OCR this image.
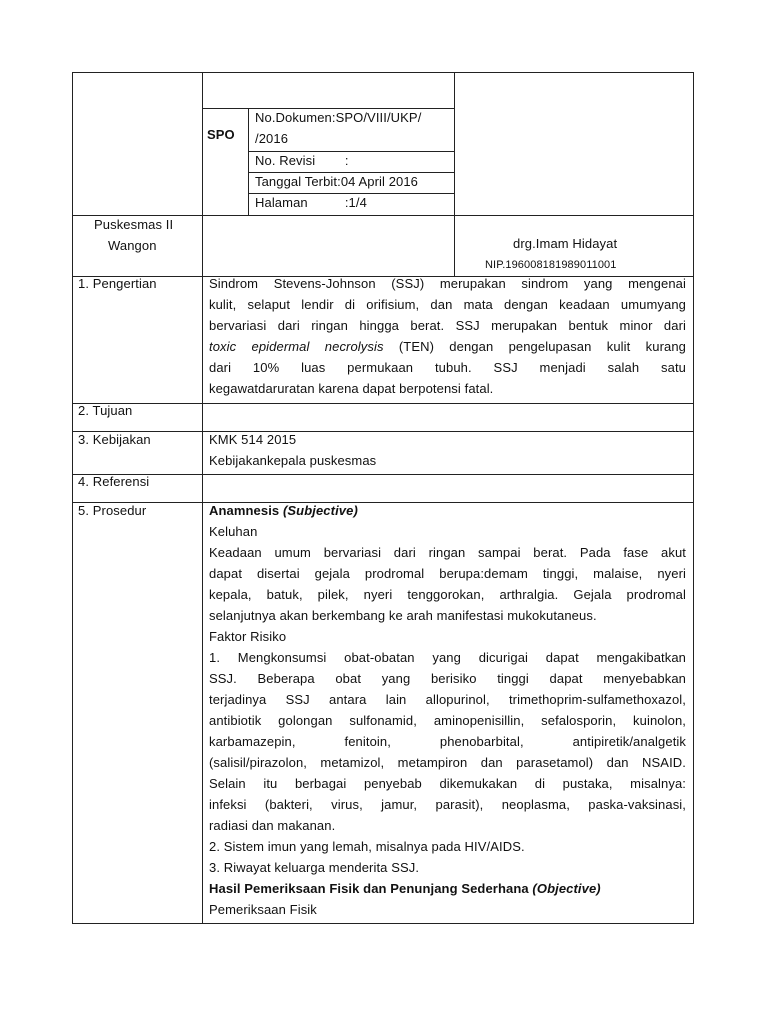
SPO
No.Dokumen:SPO/VIII/UKP/
/2016
No. Revisi        :
Tanggal Terbit:04 April 2016
Halaman          :1/4
Puskesmas II
Wangon	drg.Imam Hidayat
NIP.196008181989011001
1. Pengertian
2. Tujuan
3. Kebijakan
4. Referensi
5. Prosedur
Sindrom Stevens-Johnson (SSJ) merupakan sindrom yang mengenai
kulit, selaput lendir di orifisium, dan mata dengan keadaan umumyang
bervariasi dari ringan hingga berat. SSJ merupakan bentuk minor dari
toxic epidermal necrolysis (TEN) dengan pengelupasan kulit kurang
dari 10% luas permukaan tubuh. SSJ menjadi salah satu
kegawatdaruratan karena dapat berpotensi fatal.
KMK 514 2015
Kebijakankepala puskesmas
Anamnesis (Subjective)
Keluhan
Keadaan umum bervariasi dari ringan sampai berat. Pada fase akut
dapat disertai gejala prodromal berupa:demam tinggi, malaise, nyeri
kepala, batuk, pilek, nyeri tenggorokan, arthralgia. Gejala prodromal
selanjutnya akan berkembang ke arah manifestasi mukokutaneus.
Faktor Risiko
1. Mengkonsumsi obat-obatan yang dicurigai dapat mengakibatkan
SSJ. Beberapa obat yang berisiko tinggi dapat menyebabkan
terjadinya SSJ antara lain allopurinol, trimethoprim-sulfamethoxazol,
antibiotik golongan sulfonamid, aminopenisillin, sefalosporin, kuinolon,
karbamazepin, fenitoin, phenobarbital, antipiretik/analgetik
(salisil/pirazolon, metamizol, metampiron dan parasetamol) dan NSAID.
Selain itu berbagai penyebab dikemukakan di pustaka, misalnya:
infeksi (bakteri, virus, jamur, parasit), neoplasma, paska-vaksinasi,
radiasi dan makanan.
2. Sistem imun yang lemah, misalnya pada HIV/AIDS.
3. Riwayat keluarga menderita SSJ.
Hasil Pemeriksaan Fisik dan Penunjang Sederhana (Objective)
Pemeriksaan Fisik
